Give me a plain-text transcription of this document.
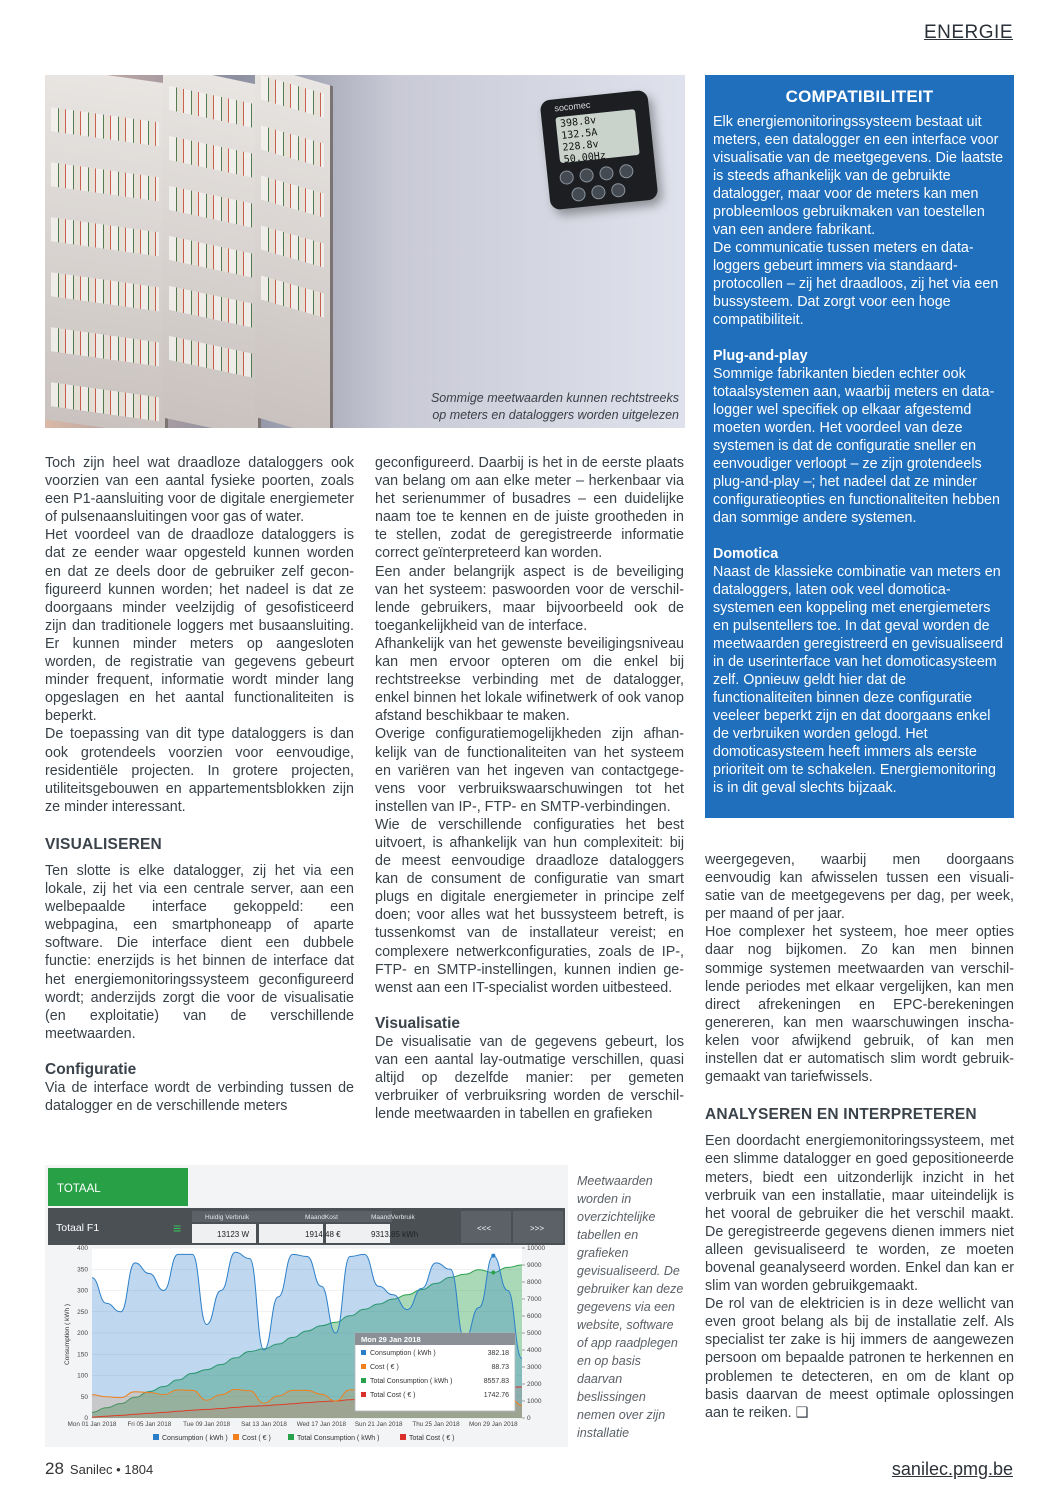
ENERGIE
socomec
398.8v 132.5A
228.8v 50.00Hz
Sommige meetwaarden kunnen rechtstreeks
op meters en dataloggers worden uitgelezen

Toch zijn heel wat draadloze dataloggers ook voorzien van een aantal fysieke poorten, zoals een P1-aansluiting voor de digitale energiemeter of pulsenaansluitingen voor gas of water.

Het voordeel van de draadloze dataloggers is dat ze eender waar opgesteld kunnen worden en dat ze deels door de gebruiker zelf geconfigureerd kunnen worden; het nadeel is dat ze doorgaans minder veelzijdig of gesofisticeerd zijn dan traditionele loggers met busaansluiting. Er kunnen minder meters op aangesloten worden, de registratie van gegevens gebeurt minder frequent, informatie wordt minder lang opgeslagen en het aantal functionaliteiten is beperkt.

De toepassing van dit type dataloggers is dan ook grotendeels voorzien voor eenvoudige, residentiële projecten. In grotere projecten, utiliteitsgebouwen en appartementsblokken zijn ze minder interessant.

VISUALISEREN

Ten slotte is elke datalogger, zij het via een lokale, zij het via een centrale server, aan een welbepaalde interface gekoppeld: een webpagina, een smartphoneapp of aparte software. Die interface dient een dubbele functie: enerzijds is het binnen de interface dat het energiemonitoringssysteem geconfigureerd wordt; anderzijds zorgt die voor de visualisatie (en exploitatie) van de verschillende meetwaarden.

Configuratie

Via de interface wordt de verbinding tussen de datalogger en de verschillende meters

geconfigureerd. Daarbij is het in de eerste plaats van belang om aan elke meter – herkenbaar via het serienummer of busadres – een duidelijke naam toe te kennen en de juiste grootheden in te stellen, zodat de geregistreerde informatie correct geïnterpreteerd kan worden.

Een ander belangrijk aspect is de beveiliging van het systeem: paswoorden voor de verschillende gebruikers, maar bijvoorbeeld ook de toegankelijkheid van de interface.

Afhankelijk van het gewenste beveiligingsniveau kan men ervoor opteren om die enkel bij rechtstreekse verbinding met de datalogger, enkel binnen het lokale wifinetwerk of ook vanop afstand beschikbaar te maken.

Overige configuratiemogelijkheden zijn afhankelijk van de functionaliteiten van het systeem en variëren van het ingeven van contactgegevens voor verbruikswaarschuwingen tot het instellen van IP-, FTP- en SMTP-verbindingen.

Wie de verschillende configuraties het best uitvoert, is afhankelijk van hun complexiteit: bij de meest eenvoudige draadloze dataloggers kan de consument de configuratie van smart plugs en digitale energiemeter in principe zelf doen; voor alles wat het bussysteem betreft, is tussenkomst van de installateur vereist; en complexere netwerkconfiguraties, zoals de IP-, FTP- en SMTP-instellingen, kunnen indien gewenst aan een IT-specialist worden uitbesteed.

Visualisatie

De visualisatie van de gegevens gebeurt, los van een aantal lay-outmatige verschillen, quasi altijd op dezelfde manier: per gemeten verbruiker of verbruiksring worden de verschillende meetwaarden in tabellen en grafieken

COMPATIBILITEIT

Elk energiemonitoringssysteem bestaat uit meters, een datalogger en een interface voor visualisatie van de meetgegevens. Die laatste is steeds afhankelijk van de gebruikte datalogger, maar voor de meters kan men probleemloos gebruikmaken van toestellen van een andere fabrikant.

De communicatie tussen meters en dataloggers gebeurt immers via standaardprotocollen – zij het draadloos, zij het via een bussysteem. Dat zorgt voor een hoge compatibiliteit.

Plug-and-play

Sommige fabrikanten bieden echter ook totaalsystemen aan, waarbij meters en datalogger wel specifiek op elkaar afgestemd moeten worden. Het voordeel van deze systemen is dat de configuratie sneller en eenvoudiger verloopt – ze zijn grotendeels plug-and-play –; het nadeel dat ze minder configuratieopties en functionaliteiten hebben dan sommige andere systemen.

Domotica

Naast de klassieke combinatie van meters en dataloggers, laten ook veel domoticasystemen een koppeling met energiemeters en pulsentellers toe. In dat geval worden de meetwaarden geregistreerd en gevisualiseerd in de userinterface van het domoticasysteem zelf. Opnieuw geldt hier dat de functionaliteiten binnen deze configuratie veeleer beperkt zijn en dat doorgaans enkel de verbruiken worden gelogd. Het domoticasysteem heeft immers als eerste prioriteit om te schakelen. Energiemonitoring is in dit geval slechts bijzaak.

weergegeven, waarbij men doorgaans eenvoudig kan afwisselen tussen een visualisatie van de meetgegevens per dag, per week, per maand of per jaar.

Hoe complexer het systeem, hoe meer opties daar nog bijkomen. Zo kan men binnen sommige systemen meetwaarden van verschillende periodes met elkaar vergelijken, kan men direct afrekeningen en EPC-berekeningen genereren, kan men waarschuwingen inschakelen voor afwijkend gebruik, of kan men instellen dat er automatisch slim wordt gebruikgemaakt van tariefwissels.

ANALYSEREN EN INTERPRETEREN

Een doordacht energiemonitoringssysteem, met een slimme datalogger en goed gepositioneerde meters, biedt een uitzonderlijk inzicht in het verbruik van een installatie, maar uiteindelijk is het vooral de gebruiker die het verschil maakt. De geregistreerde gegevens dienen immers niet alleen gevisualiseerd te worden, ze moeten bovenal geanalyseerd worden. Enkel dan kan er slim van worden gebruikgemaakt.

De rol van de elektricien is in deze wellicht van even groot belang als bij de installatie zelf. Als specialist ter zake is hij immers de aangewezen persoon om bepaalde patronen te herkennen en problemen te detecteren, en om de klant op basis daarvan de meest optimale oplossingen aan te reiken. ❑

TOTAAL
Totaal F1	≡
Huidig Verbruik	MaandKost	MaandVerbruik
13123 W	1914.48 €	9313.85 kWh
<<<	>>>
0
50
100
150
200
250
300
350
400
0
1000
2000
3000
4000
5000
6000
7000
8000
9000
10000
Mon 01 Jan 2018 Fri 05 Jan 2018 Tue 09 Jan 2018 Sat 13 Jan 2018 Wed 17 Jan 2018 Sun 21 Jan 2018 Thu 25 Jan 2018 Mon 29 Jan 2018
Consumption ( kWh )	Mon 29 Jan 2018
Consumption ( kWh )	382.18
Cost ( € )	88.73
Total Consumption ( kWh )	8557.83
Total Cost ( € )	1742.76
Consumption ( kWh ) Cost ( € )	Total Consumption ( kWh )	Total Cost ( € )
Meetwaarden worden in overzichtelijke tabellen en grafieken gevisualiseerd. De gebruiker kan deze gegevens via een website, software of app raadplegen en op basis daarvan beslissingen nemen over zijn installatie
28 Sanilec • 1804	sanilec.pmg.be
